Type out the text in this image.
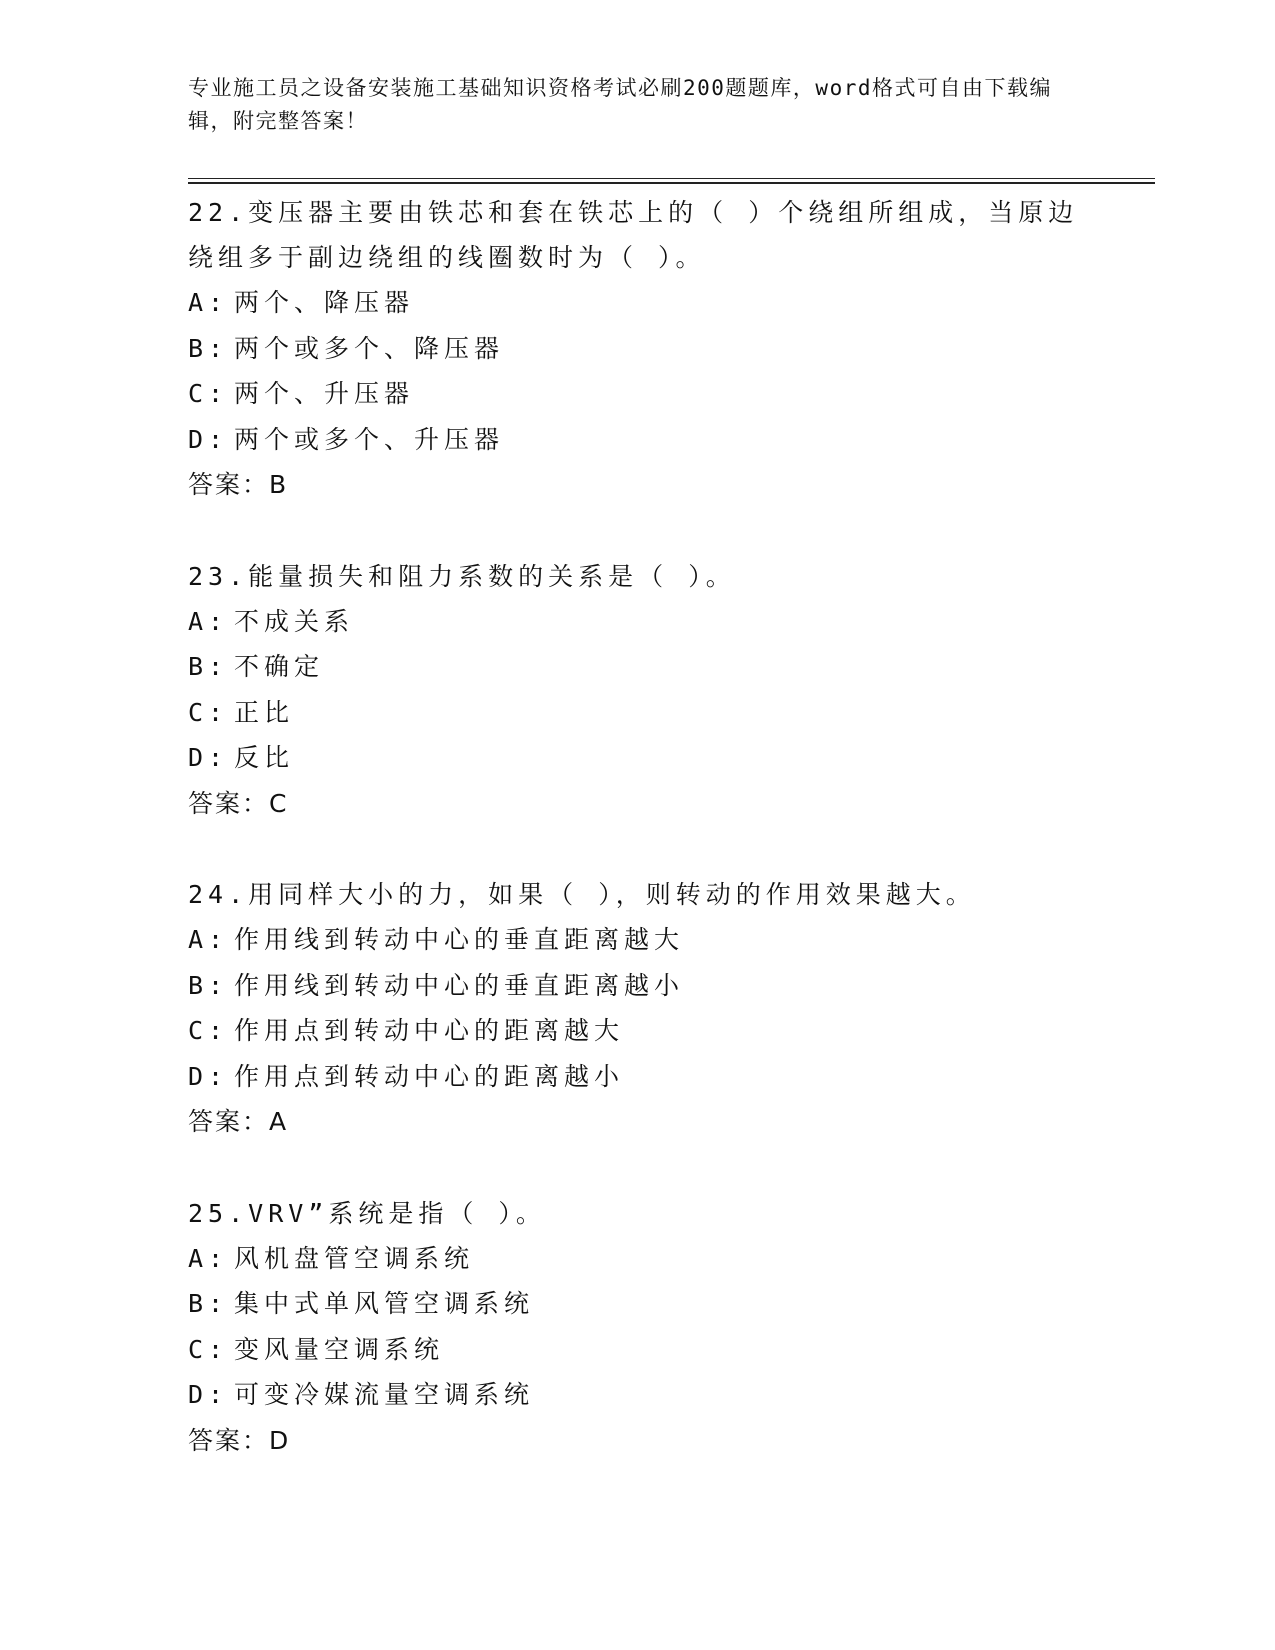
专业施工员之设备安装施工基础知识资格考试必刷200题题库，word格式可自由下载编辑，附完整答案！

22.变压器主要由铁芯和套在铁芯上的（ ）个绕组所组成，当原边绕组多于副边绕组的线圈数时为（ ）。

A: 两个、降压器
B: 两个或多个、降压器
C: 两个、升压器
D: 两个或多个、升压器
答案：B

23.能量损失和阻力系数的关系是（ ）。

A: 不成关系
B: 不确定
C: 正比
D: 反比
答案：C

24.用同样大小的力，如果（ ），则转动的作用效果越大。

A: 作用线到转动中心的垂直距离越大
B: 作用线到转动中心的垂直距离越小
C: 作用点到转动中心的距离越大
D: 作用点到转动中心的距离越小
答案：A

25.VRV”系统是指（ ）。

A: 风机盘管空调系统
B: 集中式单风管空调系统
C: 变风量空调系统
D: 可变冷媒流量空调系统
答案：D
